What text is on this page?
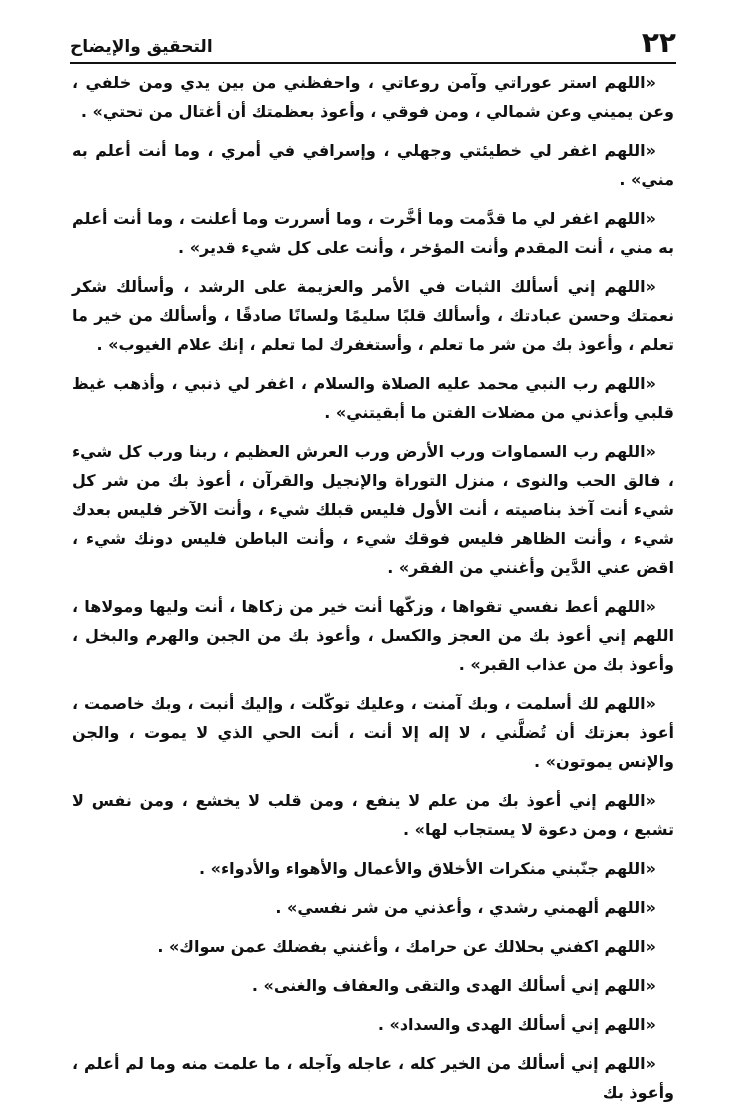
٢٢
التحقيق والإيضاح

«اللهم استر عوراتي وآمن روعاتي ، واحفظني من بين يدي ومن خلفي ، وعن يميني وعن شمالي ، ومن فوقي ، وأعوذ بعظمتك أن أغتال من تحتي» .

«اللهم اغفر لي خطيئتي وجهلي ، وإسرافي في أمري ، وما أنت أعلم به مني» .

«اللهم اغفر لي ما قدَّمت وما أخَّرت ، وما أسررت وما أعلنت ، وما أنت أعلم به مني ، أنت المقدم وأنت المؤخر ، وأنت على كل شيء قدير» .

«اللهم إني أسألك الثبات في الأمر والعزيمة على الرشد ، وأسألك شكر نعمتك وحسن عبادتك ، وأسألك قلبًا سليمًا ولسانًا صادقًا ، وأسألك من خير ما تعلم ، وأعوذ بك من شر ما تعلم ، وأستغفرك لما تعلم ، إنك علام الغيوب» .

«اللهم رب النبي محمد عليه الصلاة والسلام ، اغفر لي ذنبي ، وأذهب غيظ قلبي وأعذني من مضلات الفتن ما أبقيتني» .

«اللهم رب السماوات ورب الأرض ورب العرش العظيم ، ربنا ورب كل شيء ، فالق الحب والنوى ، منزل التوراة والإنجيل والقرآن ، أعوذ بك من شر كل شيء أنت آخذ بناصيته ، أنت الأول فليس قبلك شيء ، وأنت الآخر فليس بعدك شيء ، وأنت الظاهر فليس فوقك شيء ، وأنت الباطن فليس دونك شيء ، اقض عني الدَّين وأغنني من الفقر» .

«اللهم أعط نفسي تقواها ، وزكّها أنت خير من زكاها ، أنت وليها ومولاها ، اللهم إني أعوذ بك من العجز والكسل ، وأعوذ بك من الجبن والهرم والبخل ، وأعوذ بك من عذاب القبر» .

«اللهم لك أسلمت ، وبك آمنت ، وعليك توكّلت ، وإليك أنبت ، وبك خاصمت ، أعوذ بعزتك أن تُضلَّني ، لا إله إلا أنت ، أنت الحي الذي لا يموت ، والجن والإنس يموتون» .

«اللهم إني أعوذ بك من علم لا ينفع ، ومن قلب لا يخشع ، ومن نفس لا تشبع ، ومن دعوة لا يستجاب لها» .

«اللهم جنّبني منكرات الأخلاق والأعمال والأهواء والأدواء» .

«اللهم ألهمني رشدي ، وأعذني من شر نفسي» .

«اللهم اكفني بحلالك عن حرامك ، وأغنني بفضلك عمن سواك» .

«اللهم إني أسألك الهدى والتقى والعفاف والغنى» .

«اللهم إني أسألك الهدى والسداد» .

«اللهم إني أسألك من الخير كله ، عاجله وآجله ، ما علمت منه وما لم أعلم ، وأعوذ بك
